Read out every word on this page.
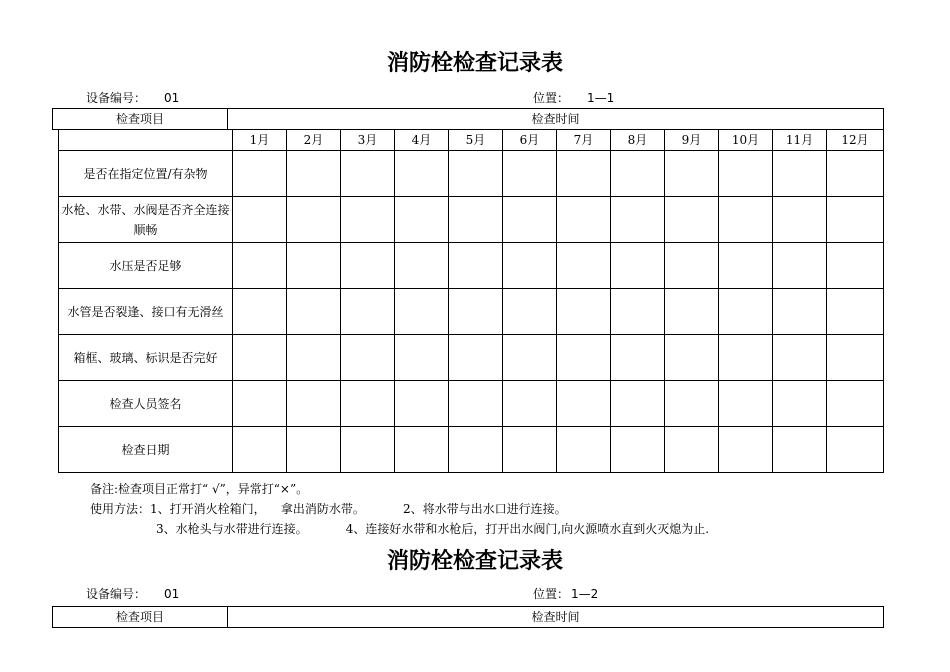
消防栓检查记录表
设备编号： 01	位置： 1—1
检查项目	检查时间
	1月	2月	3月	4月	5月	6月	7月	8月	9月	10月	11月	12月
是否在指定位置/有杂物												
水枪、水带、水阀是否齐全连接顺畅												
水压是否足够												
水管是否裂逢、接口有无滑丝												
箱框、玻璃、标识是否完好												
检查人员签名												
检查日期												
备注:检查项目正常打“ √”，异常打“×”。
使用方法：1、打开消火栓箱门，    拿出消防水带。          2、将水带与出水口进行连接。
3、水枪头与水带进行连接。          4、连接好水带和水枪后，打开出水阀门,向火源喷水直到火灭熄为止.
消防栓检查记录表
设备编号： 01	位置： 1—2
检查项目	检查时间
